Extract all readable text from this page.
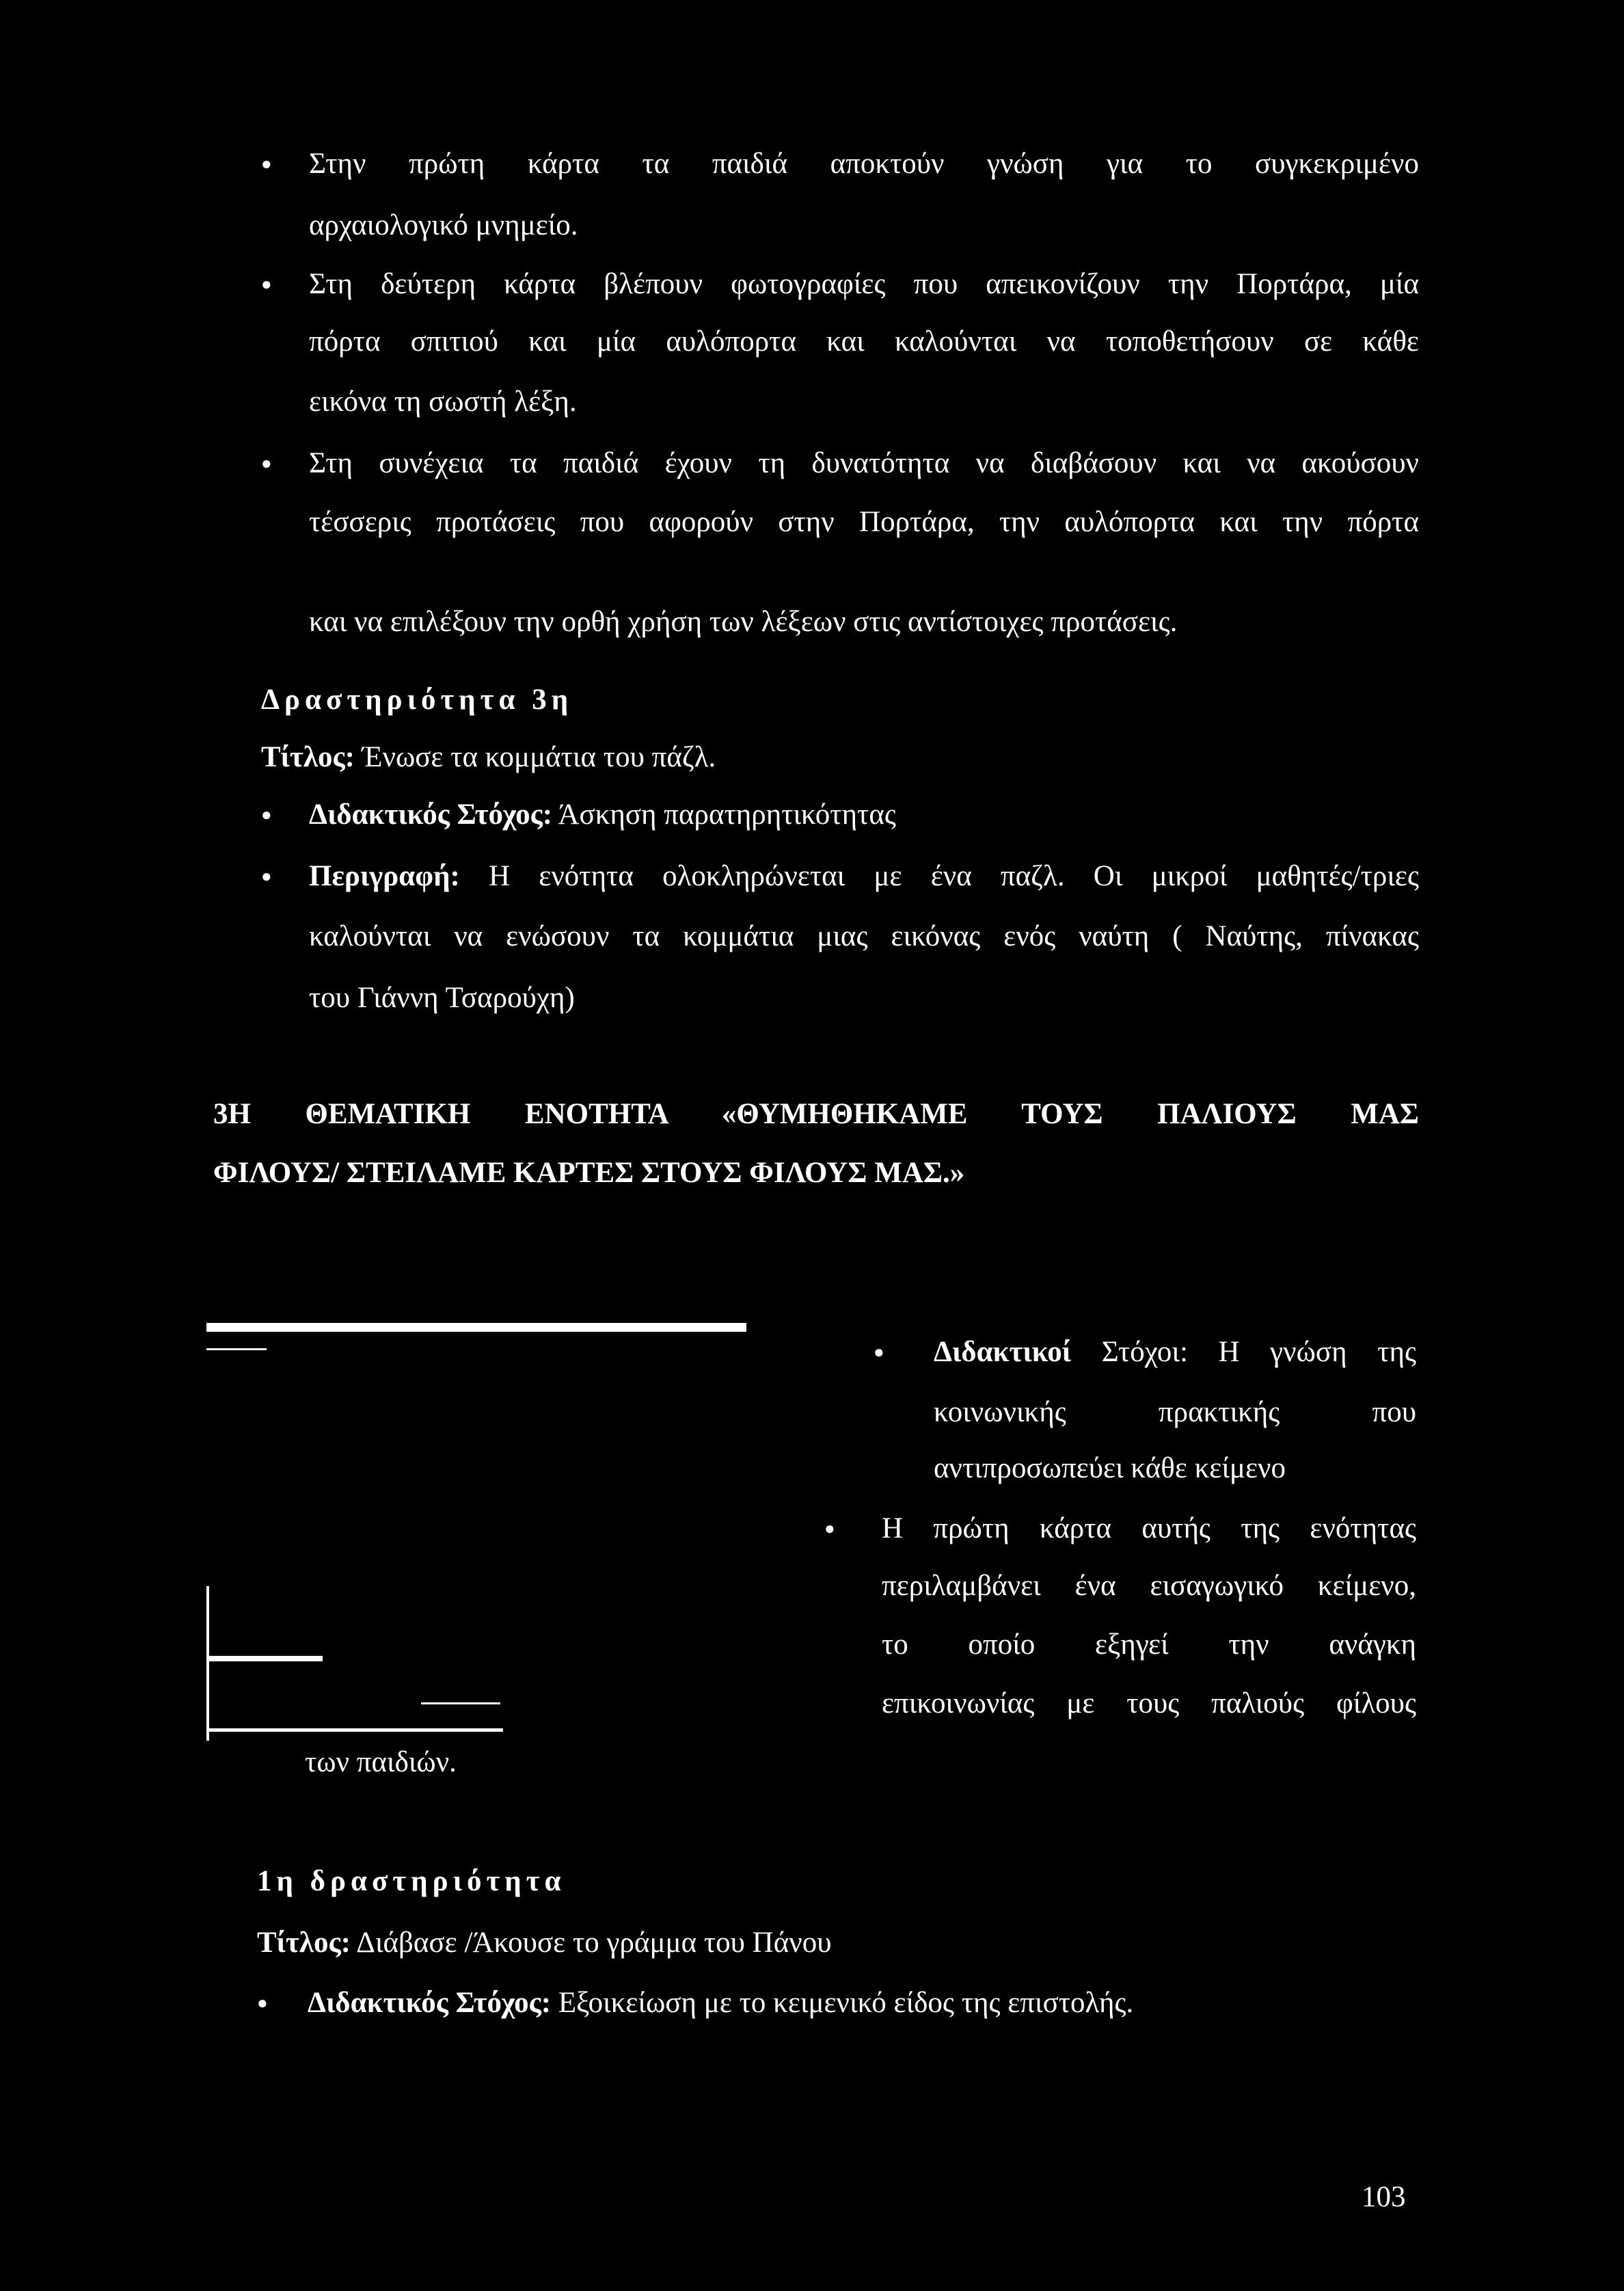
● Στην πρώτη κάρτα τα παιδιά αποκτούν γνώση για το συγκεκριμένο
αρχαιολογικό μνημείο.
● Στη δεύτερη κάρτα βλέπουν φωτογραφίες που απεικονίζουν την Πορτάρα, μία
πόρτα σπιτιού και μία αυλόπορτα και καλούνται να τοποθετήσουν σε κάθε
εικόνα τη σωστή λέξη.
● Στη συνέχεια τα παιδιά έχουν τη δυνατότητα να διαβάσουν και να ακούσουν
τέσσερις προτάσεις που αφορούν στην Πορτάρα, την αυλόπορτα και την πόρτα
και να επιλέξουν την ορθή χρήση των λέξεων στις αντίστοιχες προτάσεις.
Δραστηριότητα 3η
Τίτλος: Ένωσε τα κομμάτια του πάζλ.
● Διδακτικός Στόχος: Άσκηση παρατηρητικότητας
● Περιγραφή: Η ενότητα ολοκληρώνεται με ένα παζλ. Οι μικροί μαθητές/τριες
καλούνται να ενώσουν τα κομμάτια μιας εικόνας ενός ναύτη ( Ναύτης, πίνακας
του Γιάννη Τσαρούχη)
3Η ΘΕΜΑΤΙΚΗ ΕΝΟΤΗΤΑ «ΘΥΜΗΘΗΚΑΜΕ ΤΟΥΣ ΠΑΛΙΟΥΣ ΜΑΣ
ΦΙΛΟΥΣ/ ΣΤΕΙΛΑΜΕ ΚΑΡΤΕΣ ΣΤΟΥΣ ΦΙΛΟΥΣ ΜΑΣ.»
των παιδιών.
● Διδακτικοί Στόχοι: Η γνώση της
κοινωνικής πρακτικής που
αντιπροσωπεύει κάθε κείμενο
● Η πρώτη κάρτα αυτής της ενότητας
περιλαμβάνει ένα εισαγωγικό κείμενο,
το οποίο εξηγεί την ανάγκη
επικοινωνίας με τους παλιούς φίλους
1η δραστηριότητα
Τίτλος: Διάβασε /Άκουσε το γράμμα του Πάνου
● Διδακτικός Στόχος: Εξοικείωση με το κειμενικό είδος της επιστολής.
103
